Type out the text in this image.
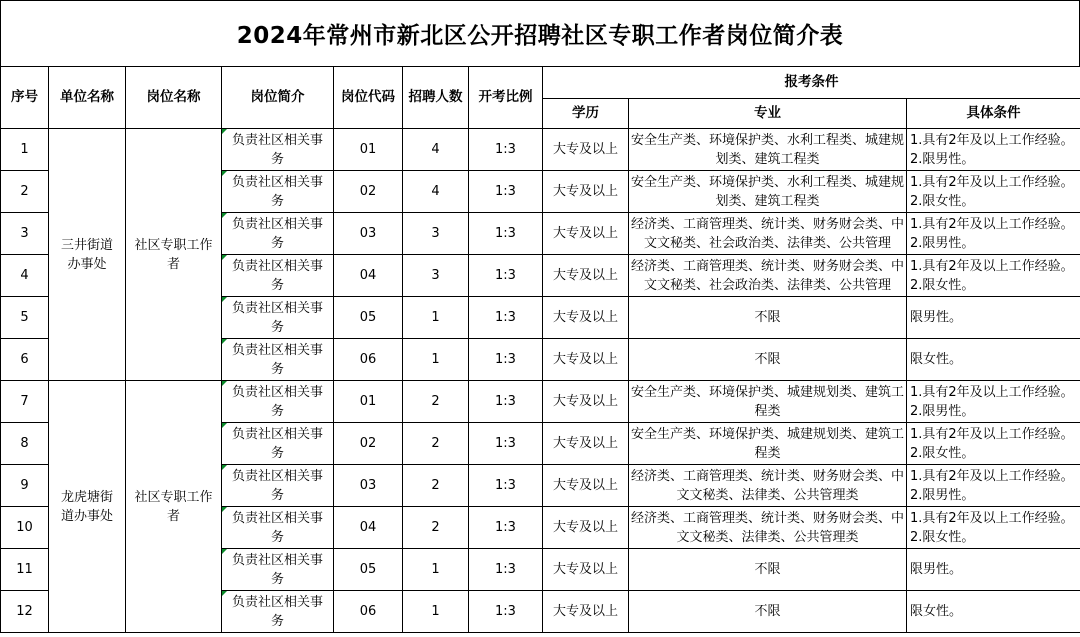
2024年常州市新北区公开招聘社区专职工作者岗位简介表
序号	单位名称	岗位名称	岗位简介	岗位代码	招聘人数	开考比例	报考条件		
							学历	专业	具体条件
1	三井街道办事处	社区专职工作者	负责社区相关事务	01	4	1:3	大专及以上	安全生产类、环境保护类、水利工程类、城建规划类、建筑工程类	1.具有2年及以上工作经验。2.限男性。
2			负责社区相关事务	02	4	1:3	大专及以上	安全生产类、环境保护类、水利工程类、城建规划类、建筑工程类	1.具有2年及以上工作经验。2.限女性。
3			负责社区相关事务	03	3	1:3	大专及以上	经济类、工商管理类、统计类、财务财会类、中文文秘类、社会政治类、法律类、公共管理	1.具有2年及以上工作经验。2.限男性。
4			负责社区相关事务	04	3	1:3	大专及以上	经济类、工商管理类、统计类、财务财会类、中文文秘类、社会政治类、法律类、公共管理	1.具有2年及以上工作经验。2.限女性。
5			负责社区相关事务	05	1	1:3	大专及以上	不限	限男性。
6			负责社区相关事务	06	1	1:3	大专及以上	不限	限女性。
7	龙虎塘街道办事处	社区专职工作者	负责社区相关事务	01	2	1:3	大专及以上	安全生产类、环境保护类、城建规划类、建筑工程类	1.具有2年及以上工作经验。2.限男性。
8			负责社区相关事务	02	2	1:3	大专及以上	安全生产类、环境保护类、城建规划类、建筑工程类	1.具有2年及以上工作经验。2.限女性。
9			负责社区相关事务	03	2	1:3	大专及以上	经济类、工商管理类、统计类、财务财会类、中文文秘类、法律类、公共管理类	1.具有2年及以上工作经验。2.限男性。
10			负责社区相关事务	04	2	1:3	大专及以上	经济类、工商管理类、统计类、财务财会类、中文文秘类、法律类、公共管理类	1.具有2年及以上工作经验。2.限女性。
11			负责社区相关事务	05	1	1:3	大专及以上	不限	限男性。
12			负责社区相关事务	06	1	1:3	大专及以上	不限	限女性。
